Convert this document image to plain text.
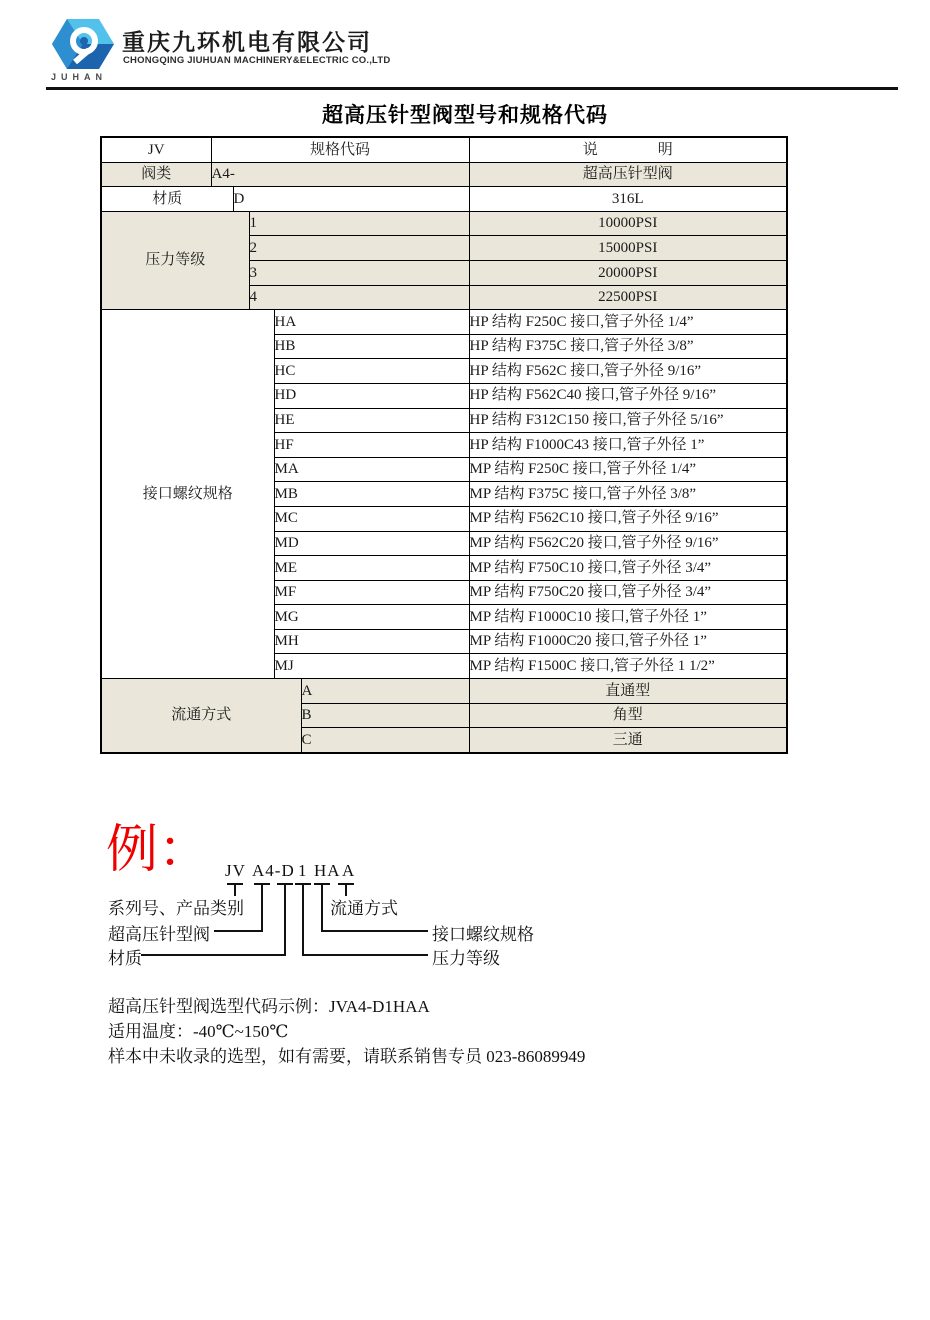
JUHAN
重庆九环机电有限公司
CHONGQING JIUHUAN MACHINERY&ELECTRIC CO.,LTD
超高压针型阀型号和规格代码
JV	规格代码					说　　　　明
阀类	A4-					超高压针型阀
材质		D				316L
压力等级			1			10000PSI
			2			15000PSI
			3			20000PSI
			4			22500PSI
接口螺纹规格				HA		HP 结构 F250C 接口,管子外径 1/4”
				HB		HP 结构 F375C 接口,管子外径 3/8”
				HC		HP 结构 F562C 接口,管子外径 9/16”
				HD		HP 结构 F562C40 接口,管子外径 9/16”
				HE		HP 结构 F312C150 接口,管子外径 5/16”
				HF		HP 结构 F1000C43 接口,管子外径 1”
				MA		MP 结构 F250C 接口,管子外径 1/4”
				MB		MP 结构 F375C 接口,管子外径 3/8”
				MC		MP 结构 F562C10 接口,管子外径 9/16”
				MD		MP 结构 F562C20 接口,管子外径 9/16”
				ME		MP 结构 F750C10 接口,管子外径 3/4”
				MF		MP 结构 F750C20 接口,管子外径 3/4”
				MG		MP 结构 F1000C10 接口,管子外径 1”
				MH		MP 结构 F1000C20 接口,管子外径 1”
				MJ		MP 结构 F1500C 接口,管子外径 1 1/2”
流通方式					A	直通型
					B	角型
					C	三通
例： JV A4-D 1 HA A
系列号、产品类别	流通方式
超高压针型阀	接口螺纹规格
材质	压力等级
超高压针型阀选型代码示例：JVA4-D1HAA
适用温度：-40℃~150℃
样本中未收录的选型，如有需要，请联系销售专员 023-86089949
